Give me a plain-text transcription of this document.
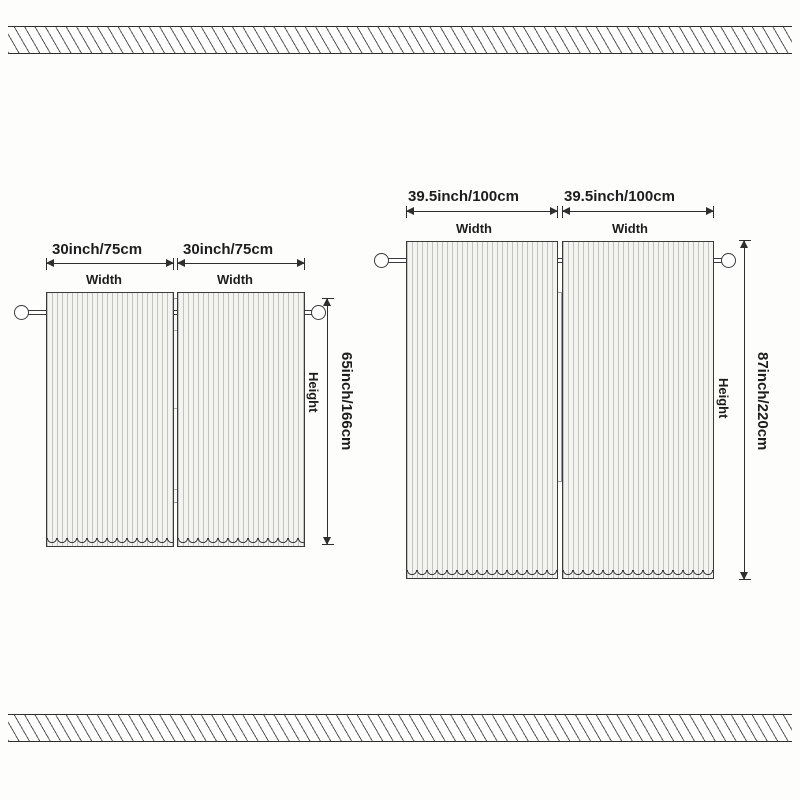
30inch/75cm
Width
30inch/75cm
Width
65inch/166cm
Height
39.5inch/100cm
Width
39.5inch/100cm
Width
87inch/220cm
Height
